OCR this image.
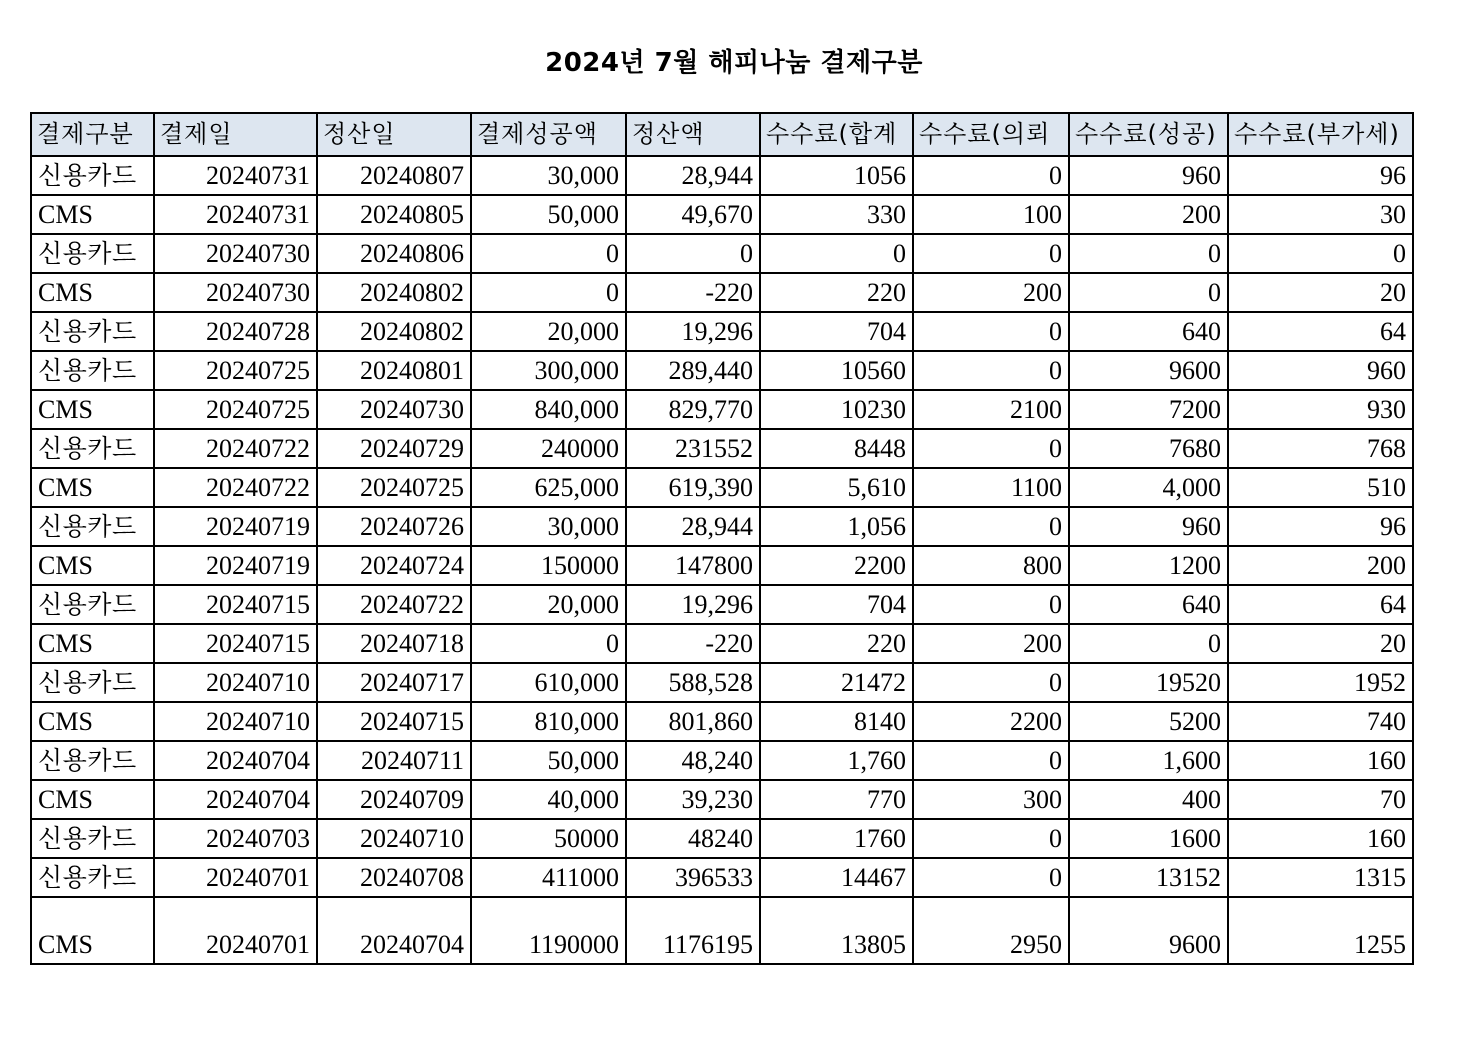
2024년 7월 해피나눔 결제구분
결제구분	결제일	정산일	결제성공액	정산액	수수료(합계	수수료(의뢰	수수료(성공)	수수료(부가세)
신용카드	20240731	20240807	30,000	28,944	1056	0	960	96
CMS	20240731	20240805	50,000	49,670	330	100	200	30
신용카드	20240730	20240806	0	0	0	0	0	0
CMS	20240730	20240802	0	-220	220	200	0	20
신용카드	20240728	20240802	20,000	19,296	704	0	640	64
신용카드	20240725	20240801	300,000	289,440	10560	0	9600	960
CMS	20240725	20240730	840,000	829,770	10230	2100	7200	930
신용카드	20240722	20240729	240000	231552	8448	0	7680	768
CMS	20240722	20240725	625,000	619,390	5,610	1100	4,000	510
신용카드	20240719	20240726	30,000	28,944	1,056	0	960	96
CMS	20240719	20240724	150000	147800	2200	800	1200	200
신용카드	20240715	20240722	20,000	19,296	704	0	640	64
CMS	20240715	20240718	0	-220	220	200	0	20
신용카드	20240710	20240717	610,000	588,528	21472	0	19520	1952
CMS	20240710	20240715	810,000	801,860	8140	2200	5200	740
신용카드	20240704	20240711	50,000	48,240	1,760	0	1,600	160
CMS	20240704	20240709	40,000	39,230	770	300	400	70
신용카드	20240703	20240710	50000	48240	1760	0	1600	160
신용카드	20240701	20240708	411000	396533	14467	0	13152	1315
CMS	20240701	20240704	1190000	1176195	13805	2950	9600	1255
